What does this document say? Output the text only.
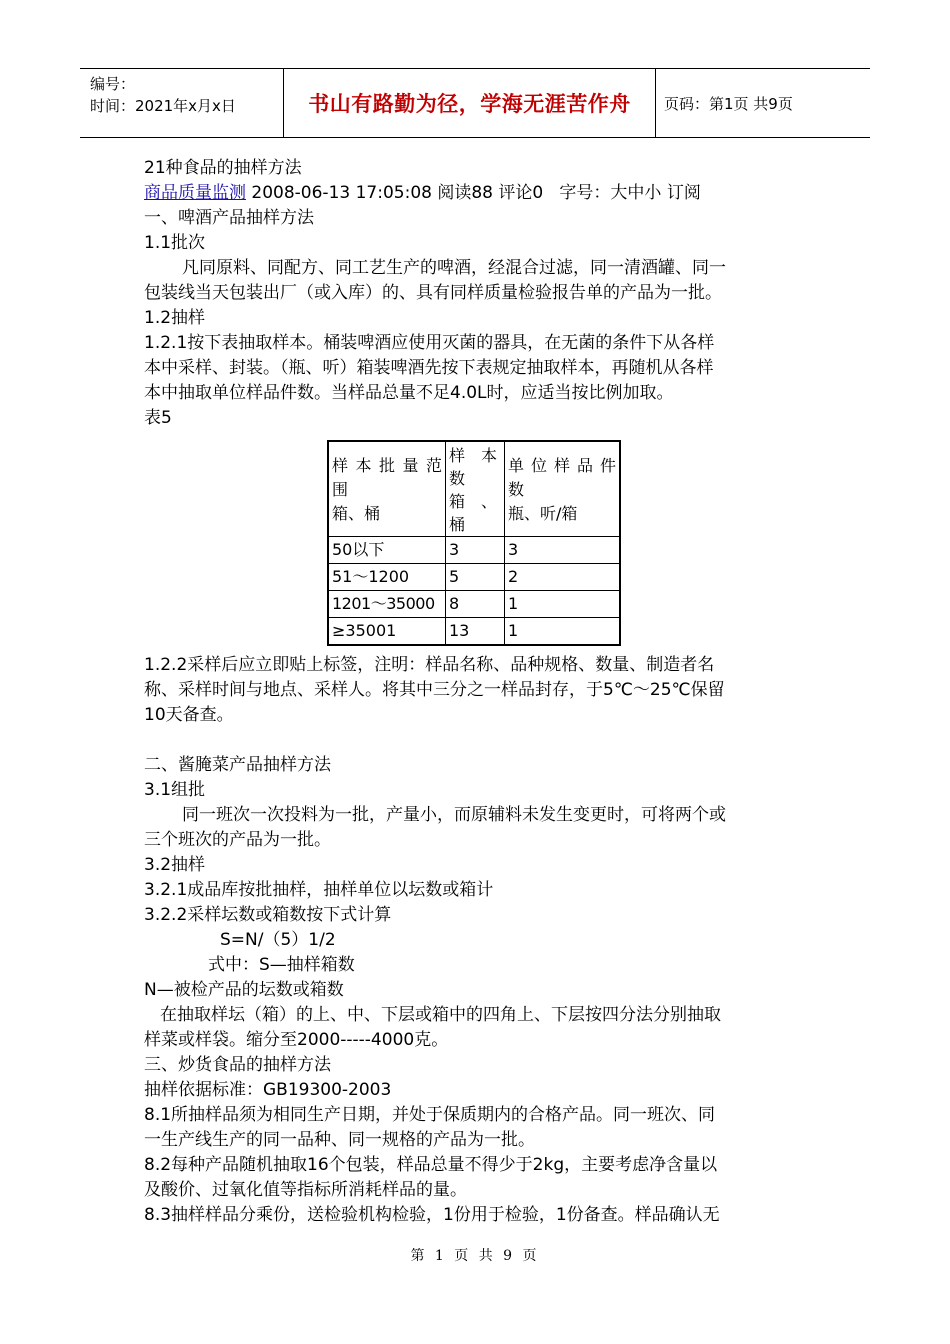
编号：
时间：2021年x月x日	书山有路勤为径，学海无涯苦作舟	页码：第1页 共9页
21种食品的抽样方法
商品质量监测 2008-06-13 17:05:08 阅读88 评论0   字号：大中小 订阅
一、啤酒产品抽样方法
1.1批次
凡同原料、同配方、同工艺生产的啤酒，经混合过滤，同一清酒罐、同一
包装线当天包装出厂（或入库）的、具有同样质量检验报告单的产品为一批。
1.2抽样
1.2.1按下表抽取样本。桶装啤酒应使用灭菌的器具，在无菌的条件下从各样
本中采样、封装。（瓶、听）箱装啤酒先按下表规定抽取样本，再随机从各样
本中抽取单位样品件数。当样品总量不足4.0L时，应适当按比例加取。
表5
样本批量范
围
箱、桶	样　本
数
箱　、
桶	单位样品件
数
瓶、听/箱

50以下	3	3
51～1200	5	2
1201～35000	8	1
≥35001	13	1
1.2.2采样后应立即贴上标签，注明：样品名称、品种规格、数量、制造者名
称、采样时间与地点、采样人。将其中三分之一样品封存，于5℃～25℃保留
10天备查。
二、酱腌菜产品抽样方法
3.1组批
同一班次一次投料为一批，产量小，而原辅料未发生变更时，可将两个或
三个班次的产品为一批。
3.2抽样
3.2.1成品库按批抽样，抽样单位以坛数或箱计
3.2.2采样坛数或箱数按下式计算
S=N/（5）1/2
式中：S—抽样箱数
N—被检产品的坛数或箱数
在抽取样坛（箱）的上、中、下层或箱中的四角上、下层按四分法分别抽取
样菜或样袋。缩分至2000-----4000克。
三、炒货食品的抽样方法
抽样依据标准：GB19300-2003
8.1所抽样品须为相同生产日期，并处于保质期内的合格产品。同一班次、同
一生产线生产的同一品种、同一规格的产品为一批。
8.2每种产品随机抽取16个包装，样品总量不得少于2kg，主要考虑净含量以
及酸价、过氧化值等指标所消耗样品的量。
8.3抽样样品分乘份，送检验机构检验，1份用于检验，1份备查。样品确认无
第 1 页 共 9 页
